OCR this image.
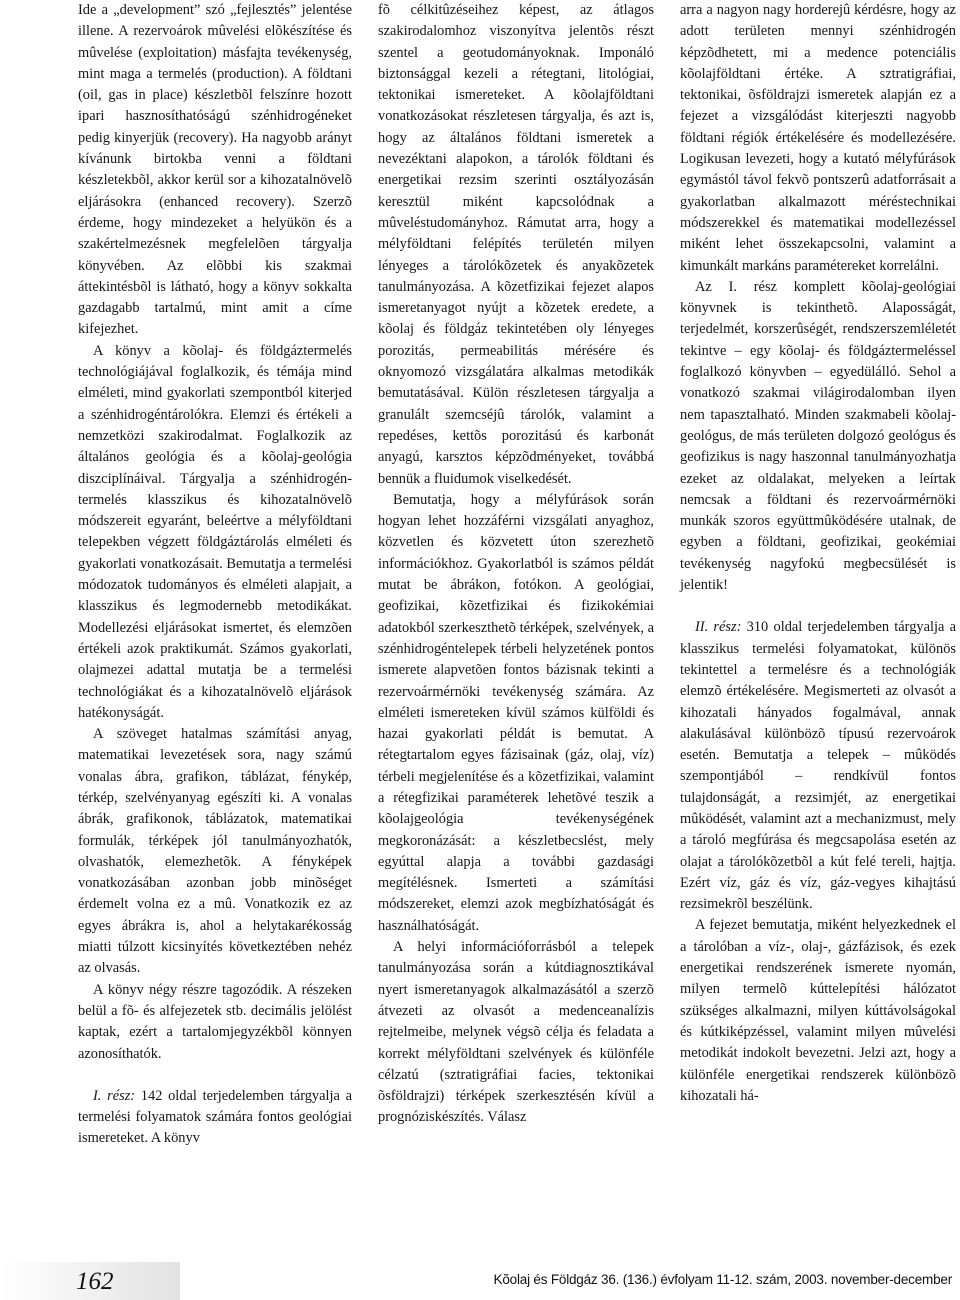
Ide a „development” szó „fejlesztés” jelentése illene. A rezervoárok mûvelési elõkészítése és mûvelése (exploitation) másfajta tevékenység, mint maga a termelés (production). A földtani (oil, gas in place) készletbõl felszínre hozott ipari hasznosíthatóságú szénhidrogéneket pedig kinyerjük (recovery). Ha nagyobb arányt kívánunk birtokba venni a földtani készletekbõl, akkor kerül sor a kihozatalnövelõ eljárásokra (enhanced recovery). Szerzõ érdeme, hogy mindezeket a helyükön és a szakértelmezésnek megfelelõen tárgyalja könyvében. Az elõbbi kis szakmai áttekintésbõl is látható, hogy a könyv sokkalta gazdagabb tartalmú, mint amit a címe kifejezhet.

A könyv a kõolaj- és földgáztermelés technológiájával foglalkozik, és témája mind elméleti, mind gyakorlati szempontból kiterjed a szénhidrogéntárolókra. Elemzi és értékeli a nemzetközi szakirodalmat. Foglalkozik az általános geológia és a kõolaj-geológia diszciplínáival. Tárgyalja a szénhidrogén-termelés klasszikus és kihozatalnövelõ módszereit egyaránt, beleértve a mélyföldtani telepekben végzett földgáztárolás elméleti és gyakorlati vonatkozásait. Bemutatja a termelési módozatok tudományos és elméleti alapjait, a klasszikus és legmodernebb metodikákat. Modellezési eljárásokat ismertet, és elemzõen értékeli azok praktikumát. Számos gyakorlati, olajmezei adattal mutatja be a termelési technológiákat és a kihozatalnövelõ eljárások hatékonyságát.

A szöveget hatalmas számítási anyag, matematikai levezetések sora, nagy számú vonalas ábra, grafikon, táblázat, fénykép, térkép, szelvényanyag egészíti ki. A vonalas ábrák, grafikonok, táblázatok, matematikai formulák, térképek jól tanulmányozhatók, olvashatók, elemezhetõk. A fényképek vonatkozásában azonban jobb minõséget érdemelt volna ez a mû. Vonatkozik ez az egyes ábrákra is, ahol a helytakarékosság miatti túlzott kicsinyítés következtében nehéz az olvasás.

A könyv négy részre tagozódik. A részeken belül a fõ- és alfejezetek stb. decimális jelölést kaptak, ezért a tartalomjegyzékbõl könnyen azonosíthatók.

I. rész: 142 oldal terjedelemben tárgyalja a termelési folyamatok számára fontos geológiai ismereteket. A könyv

fõ célkitûzéseihez képest, az átlagos szakirodalomhoz viszonyítva jelentõs részt szentel a geotudományoknak. Imponáló biztonsággal kezeli a rétegtani, litológiai, tektonikai ismereteket. A kõolajföldtani vonatkozásokat részletesen tárgyalja, és azt is, hogy az általános földtani ismeretek a nevezéktani alapokon, a tárolók földtani és energetikai rezsim szerinti osztályozásán keresztül miként kapcsolódnak a mûveléstudományhoz. Rámutat arra, hogy a mélyföldtani felépítés területén milyen lényeges a tárolókõzetek és anyakõzetek tanulmányozása. A kõzetfizikai fejezet alapos ismeretanyagot nyújt a kõzetek eredete, a kõolaj és földgáz tekintetében oly lényeges porozitás, permeabilitás mérésére és oknyomozó vizsgálatára alkalmas metodikák bemutatásával. Külön részletesen tárgyalja a granulált szemcséjû tárolók, valamint a repedéses, kettõs porozitású és karbonát anyagú, karsztos képzõdményeket, továbbá bennük a fluidumok viselkedését.

Bemutatja, hogy a mélyfúrások során hogyan lehet hozzáférni vizsgálati anyaghoz, közvetlen és közvetett úton szerezhetõ információkhoz. Gyakorlatból is számos példát mutat be ábrákon, fotókon. A geológiai, geofizikai, kõzetfizikai és fizikokémiai adatokból szerkeszthetõ térképek, szelvények, a szénhidrogéntelepek térbeli helyzetének pontos ismerete alapvetõen fontos bázisnak tekinti a rezervoármérnöki tevékenység számára. Az elméleti ismereteken kívül számos külföldi és hazai gyakorlati példát is bemutat. A rétegtartalom egyes fázisainak (gáz, olaj, víz) térbeli megjelenítése és a kõzetfizikai, valamint a rétegfizikai paraméterek lehetõvé teszik a kõolajgeológia tevékenységének megkoronázását: a készletbecslést, mely egyúttal alapja a további gazdasági megítélésnek. Ismerteti a számítási módszereket, elemzi azok megbízhatóságát és használhatóságát.

A helyi információforrásból a telepek tanulmányozása során a kútdiagnosztikával nyert ismeretanyagok alkalmazásától a szerzõ átvezeti az olvasót a medenceanalízis rejtelmeibe, melynek végsõ célja és feladata a korrekt mélyföldtani szelvények és különféle célzatú (sztratigráfiai facies, tektonikai õsföldrajzi) térképek szerkesztésén kívül a prognóziskészítés. Válasz

arra a nagyon nagy horderejû kérdésre, hogy az adott területen mennyi szénhidrogén képzõdhetett, mi a medence potenciális kõolajföldtani értéke. A sztratigráfiai, tektonikai, õsföldrajzi ismeretek alapján ez a fejezet a vizsgálódást kiterjeszti nagyobb földtani régiók értékelésére és modellezésére. Logikusan levezeti, hogy a kutató mélyfúrások egymástól távol fekvõ pontszerû adatforrásait a gyakorlatban alkalmazott méréstechnikai módszerekkel és matematikai modellezéssel miként lehet összekapcsolni, valamint a kimunkált markáns paramétereket korrelálni.

Az I. rész komplett kõolaj-geológiai könyvnek is tekinthetõ. Alaposságát, terjedelmét, korszerûségét, rendszerszemléletét tekintve – egy kõolaj- és földgáztermeléssel foglalkozó könyvben – egyedülálló. Sehol a vonatkozó szakmai világirodalomban ilyen nem tapasztalható. Minden szakmabeli kõolaj-geológus, de más területen dolgozó geológus és geofizikus is nagy haszonnal tanulmányozhatja ezeket az oldalakat, melyeken a leírtak nemcsak a földtani és rezervoármérnöki munkák szoros együttmûködésére utalnak, de egyben a földtani, geofizikai, geokémiai tevékenység nagyfokú megbecsülését is jelentik!

II. rész: 310 oldal terjedelemben tárgyalja a klasszikus termelési folyamatokat, különös tekintettel a termelésre és a technológiák elemzõ értékelésére. Megismerteti az olvasót a kihozatali hányados fogalmával, annak alakulásával különbözõ típusú rezervoárok esetén. Bemutatja a telepek – mûködés szempontjából – rendkívül fontos tulajdonságát, a rezsimjét, az energetikai mûködését, valamint azt a mechanizmust, mely a tároló megfúrása és megcsapolása esetén az olajat a tárolókõzetbõl a kút felé tereli, hajtja. Ezért víz, gáz és víz, gáz-vegyes kihajtású rezsimekrõl beszélünk.

A fejezet bemutatja, miként helyezkednek el a tárolóban a víz-, olaj-, gázfázisok, és ezek energetikai rendszerének ismerete nyomán, milyen termelõ kúttelepítési hálózatot szükséges alkalmazni, milyen kúttávolságokal és kútkiképzéssel, valamint milyen mûvelési metodikát indokolt bevezetni. Jelzi azt, hogy a különféle energetikai rendszerek különbözõ kihozatali há-

162	Kõolaj és Földgáz 36. (136.) évfolyam 11-12. szám, 2003. november-december
